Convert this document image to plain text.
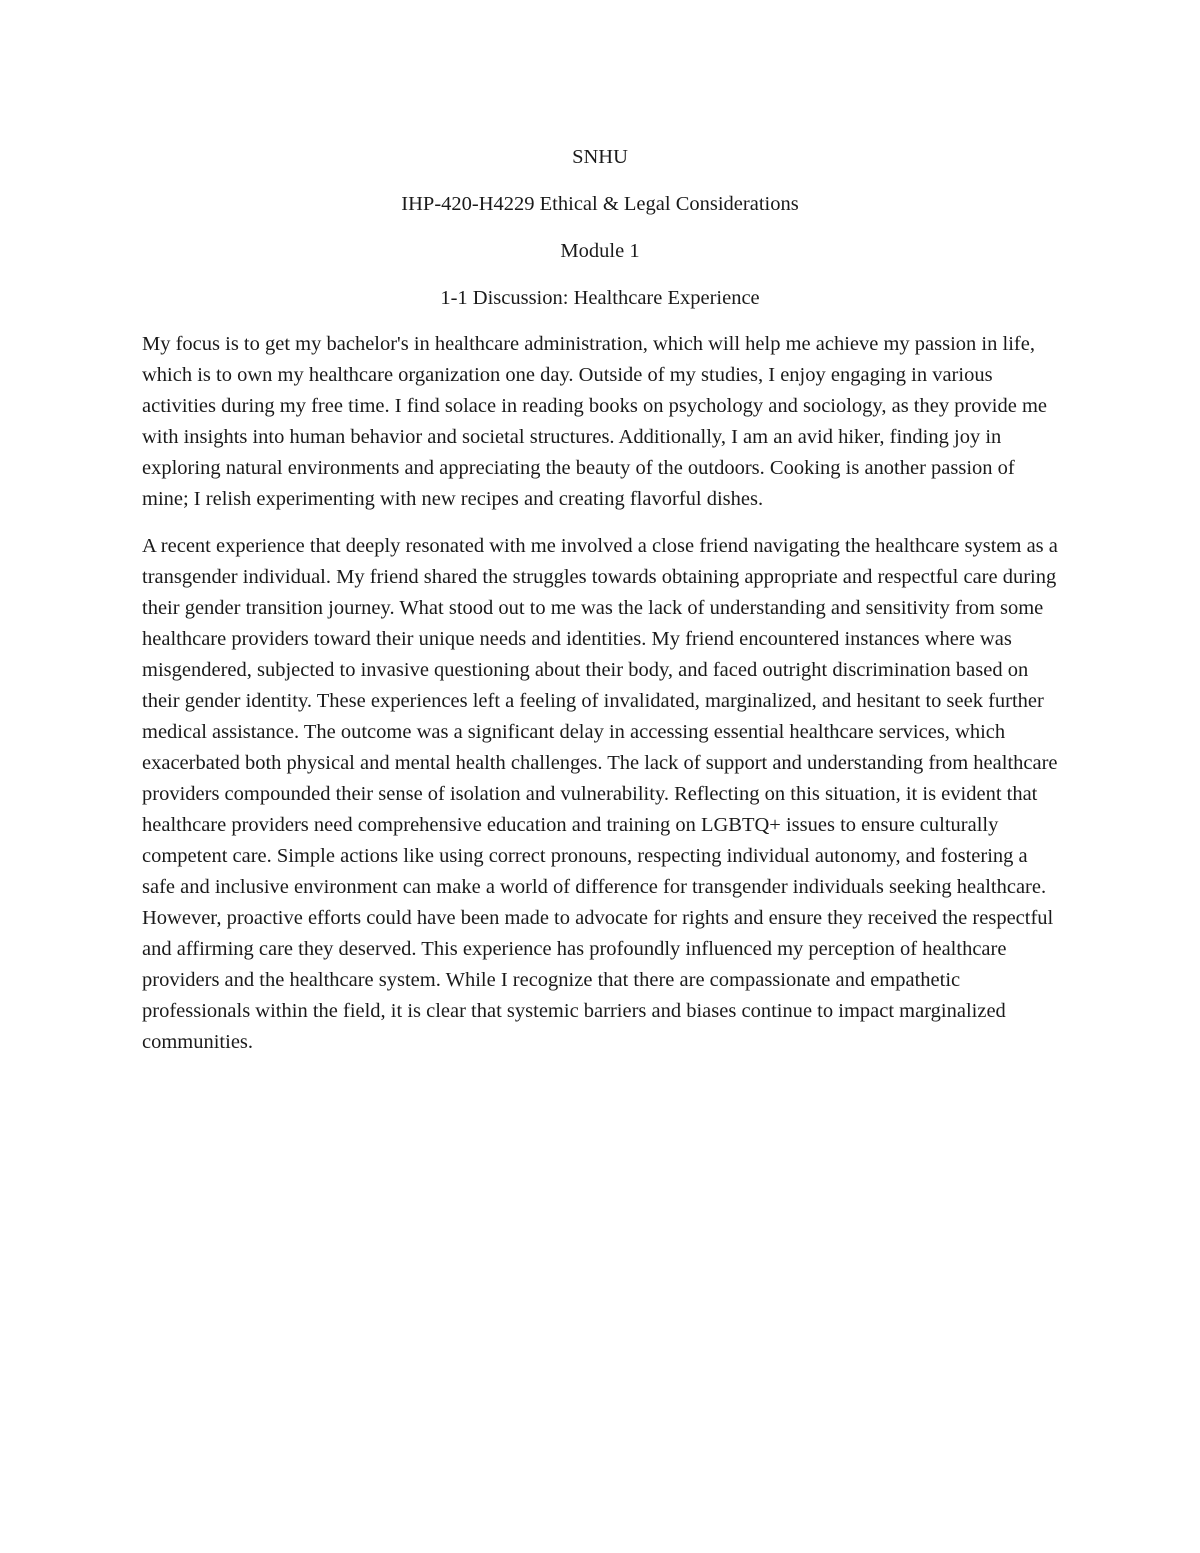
SNHU

IHP-420-H4229 Ethical & Legal Considerations

Module 1

1-1 Discussion: Healthcare Experience

My focus is to get my bachelor's in healthcare administration, which will help me achieve my passion in life, which is to own my healthcare organization one day. Outside of my studies, I enjoy engaging in various activities during my free time. I find solace in reading books on psychology and sociology, as they provide me with insights into human behavior and societal structures. Additionally, I am an avid hiker, finding joy in exploring natural environments and appreciating the beauty of the outdoors. Cooking is another passion of mine; I relish experimenting with new recipes and creating flavorful dishes.

A recent experience that deeply resonated with me involved a close friend navigating the healthcare system as a transgender individual. My friend shared the struggles towards obtaining appropriate and respectful care during their gender transition journey. What stood out to me was the lack of understanding and sensitivity from some healthcare providers toward their unique needs and identities. My friend encountered instances where was misgendered, subjected to invasive questioning about their body, and faced outright discrimination based on their gender identity. These experiences left a feeling of invalidated, marginalized, and hesitant to seek further medical assistance. The outcome was a significant delay in accessing essential healthcare services, which exacerbated both physical and mental health challenges. The lack of support and understanding from healthcare providers compounded their sense of isolation and vulnerability. Reflecting on this situation, it is evident that healthcare providers need comprehensive education and training on LGBTQ+ issues to ensure culturally competent care. Simple actions like using correct pronouns, respecting individual autonomy, and fostering a safe and inclusive environment can make a world of difference for transgender individuals seeking healthcare. However, proactive efforts could have been made to advocate for rights and ensure they received the respectful and affirming care they deserved. This experience has profoundly influenced my perception of healthcare providers and the healthcare system. While I recognize that there are compassionate and empathetic professionals within the field, it is clear that systemic barriers and biases continue to impact marginalized communities.
